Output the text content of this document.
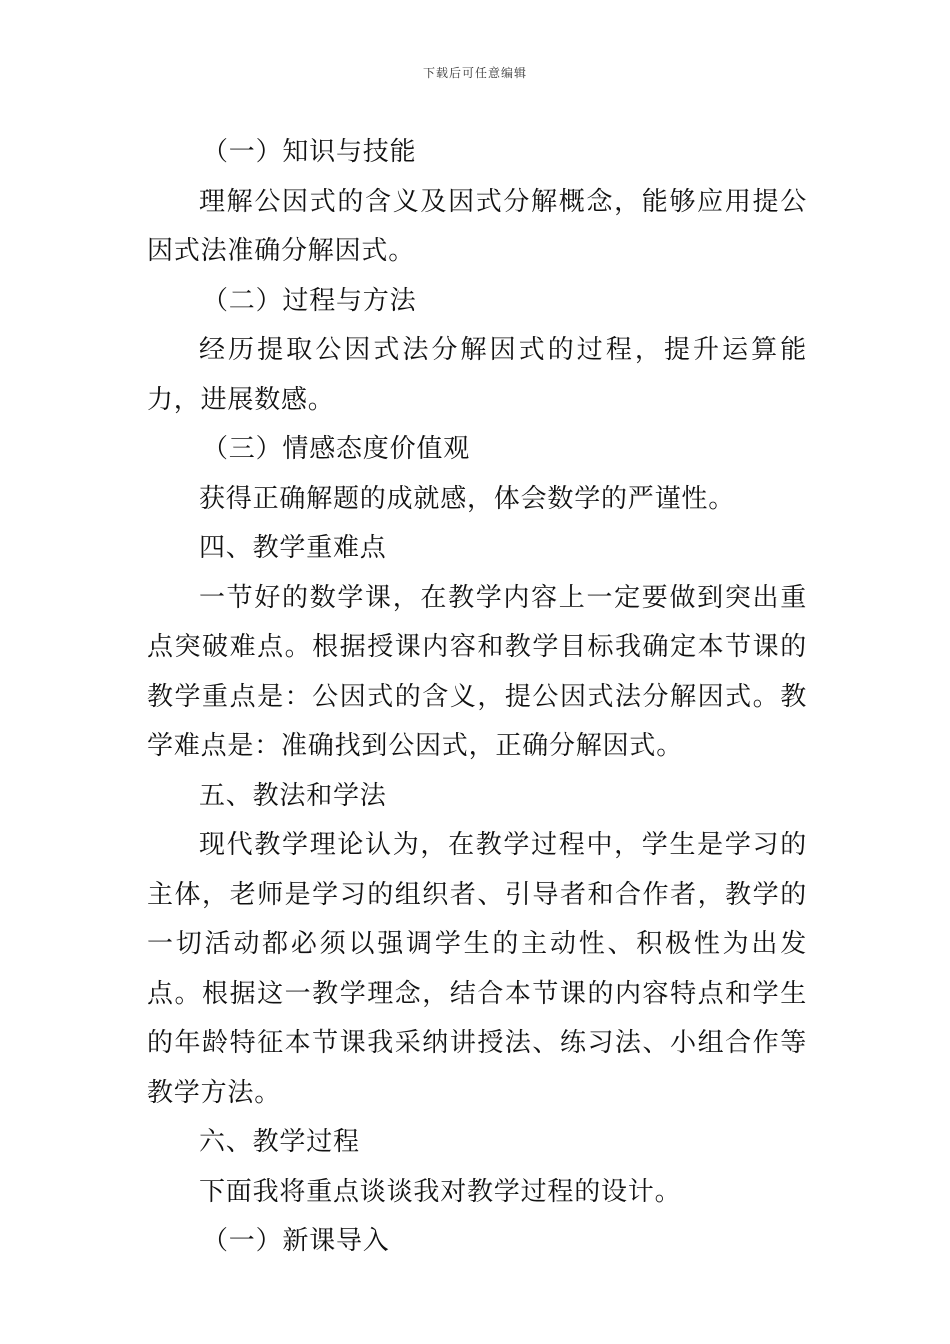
下载后可任意编辑

（一）知识与技能

理解公因式的含义及因式分解概念，能够应用提公因式法准确分解因式。

（二）过程与方法

经历提取公因式法分解因式的过程，提升运算能力，进展数感。

（三）情感态度价值观

获得正确解题的成就感，体会数学的严谨性。

四、教学重难点

一节好的数学课，在教学内容上一定要做到突出重点突破难点。根据授课内容和教学目标我确定本节课的教学重点是：公因式的含义，提公因式法分解因式。教学难点是：准确找到公因式，正确分解因式。

五、教法和学法

现代教学理论认为，在教学过程中，学生是学习的主体，老师是学习的组织者、引导者和合作者，教学的一切活动都必须以强调学生的主动性、积极性为出发点。根据这一教学理念，结合本节课的内容特点和学生的年龄特征本节课我采纳讲授法、练习法、小组合作等教学方法。

六、教学过程

下面我将重点谈谈我对教学过程的设计。

（一）新课导入
